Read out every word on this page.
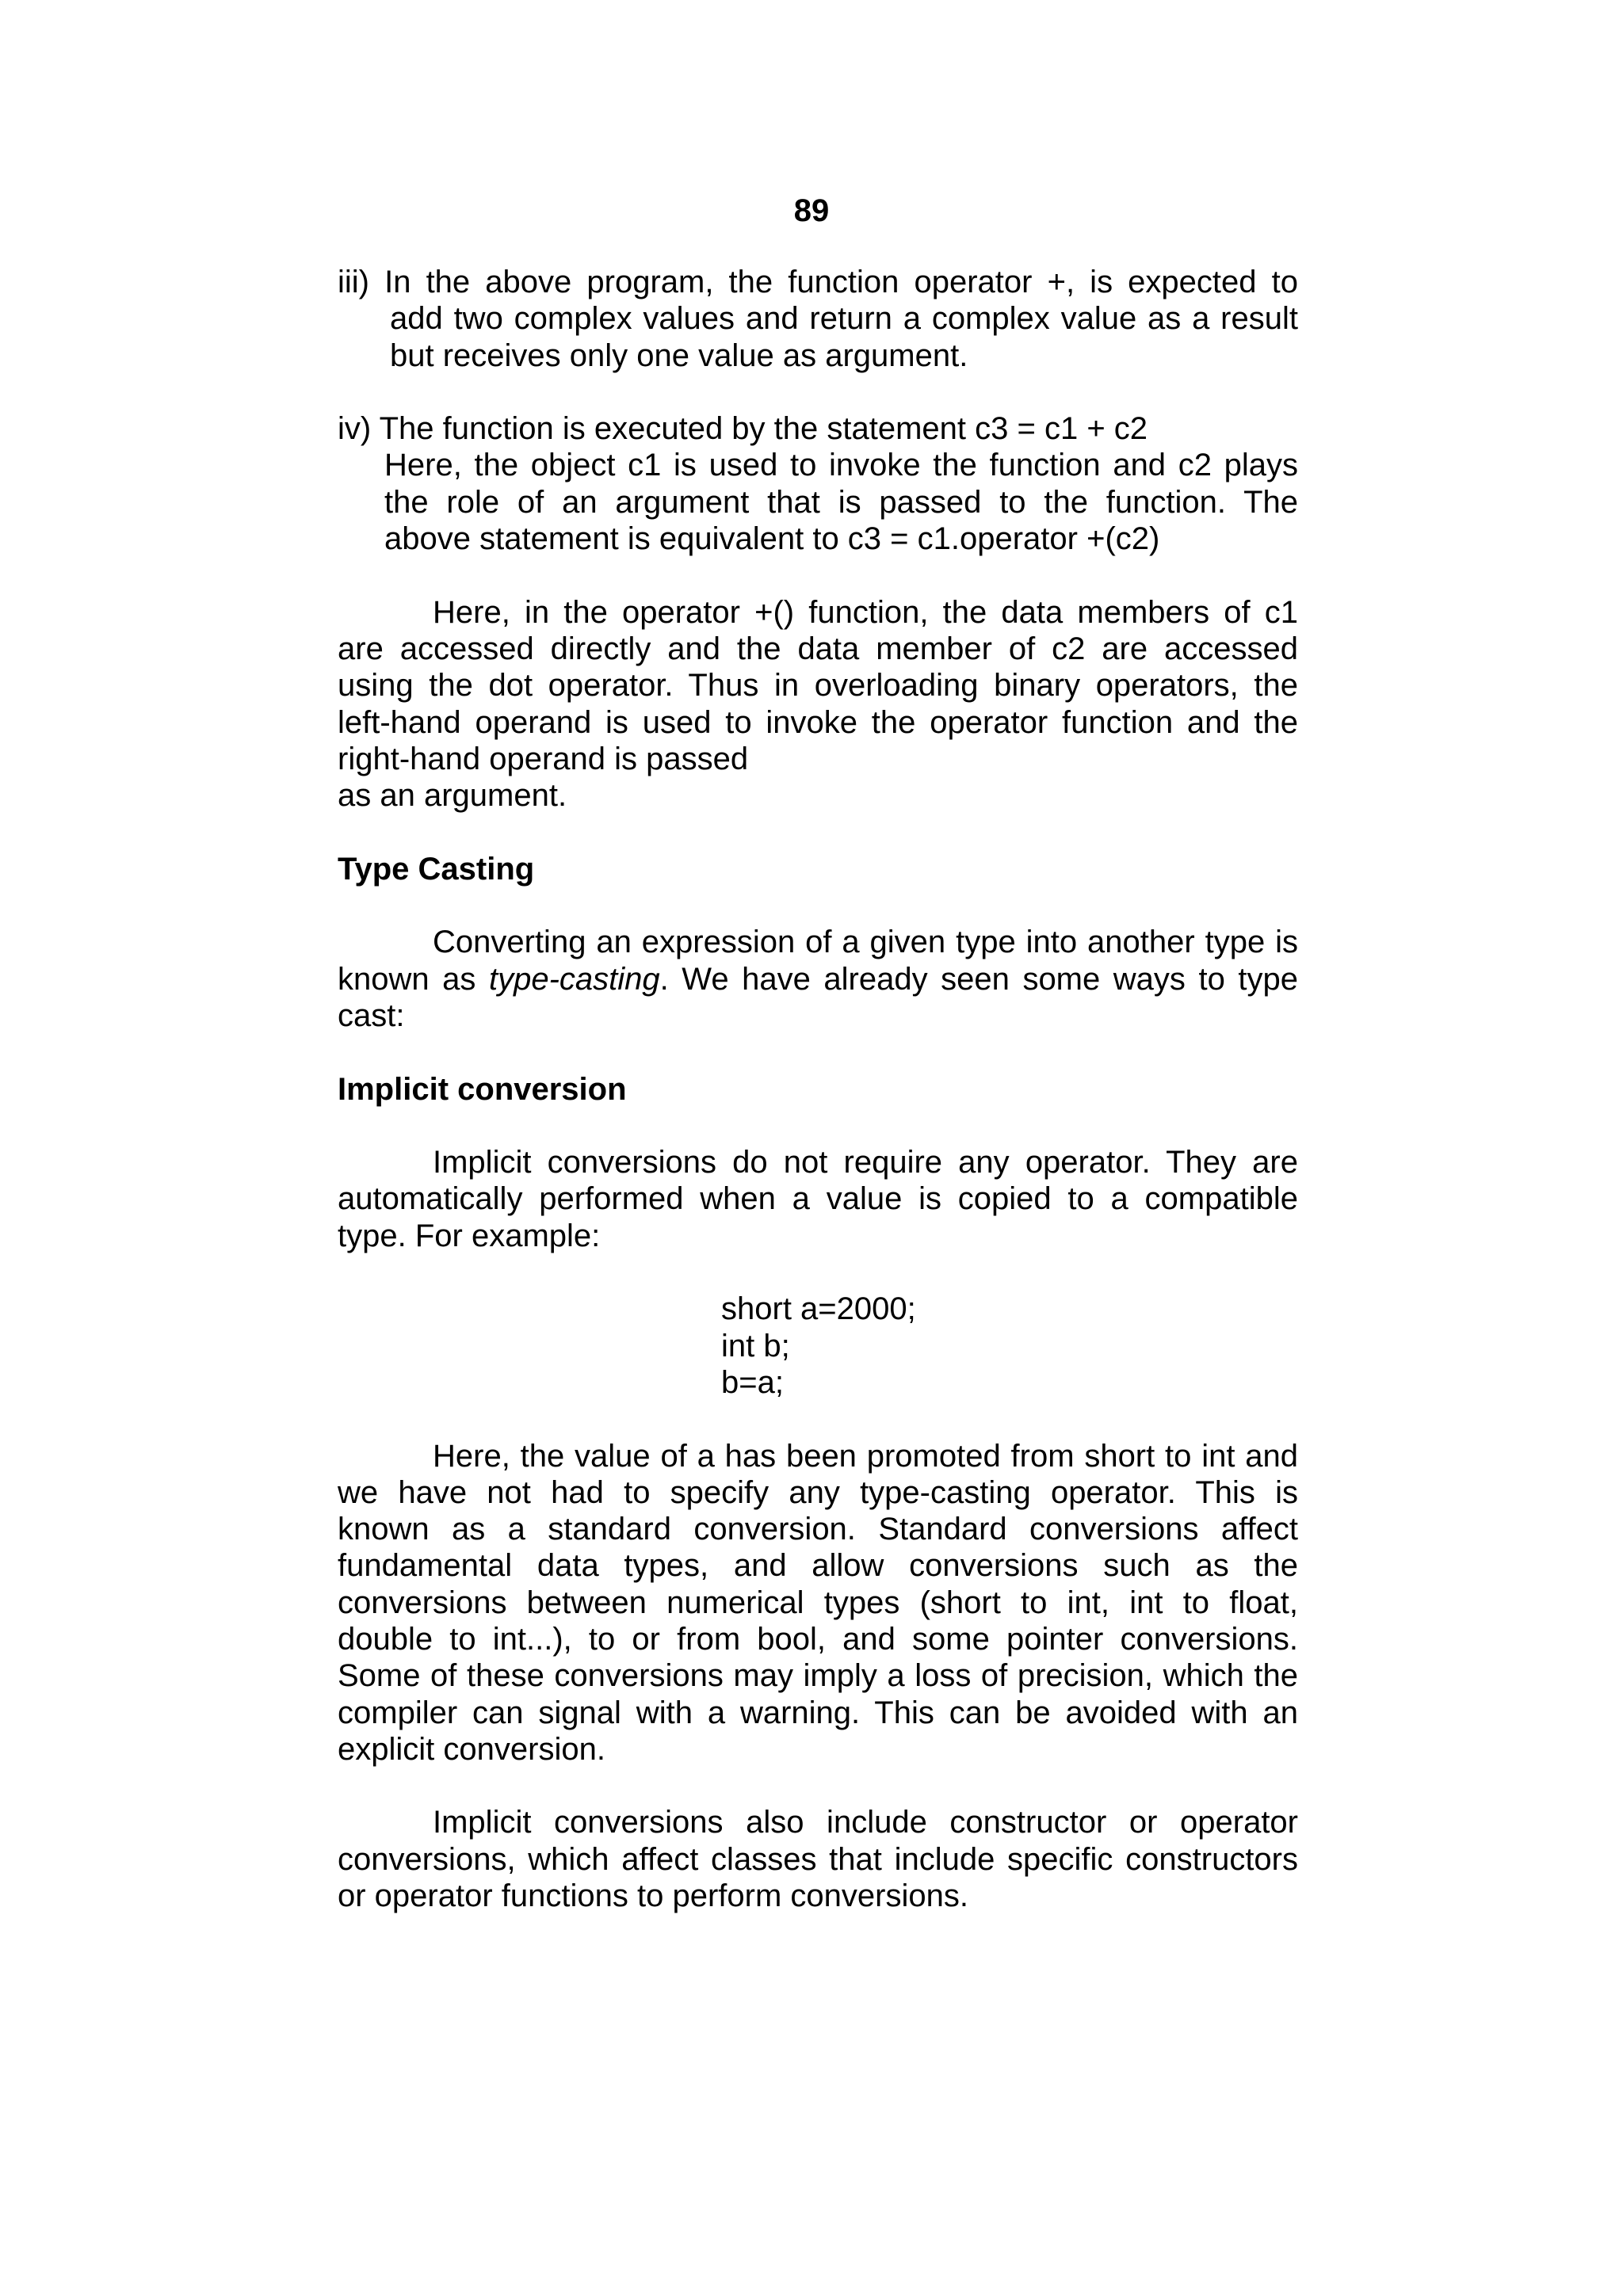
89
iii) In the above program, the function operator +, is expected to
add two complex values and return a complex value as a result
but receives only one value as argument.
iv) The function is executed by the statement c3 = c1 + c2
Here, the object c1 is used to invoke the function and c2 plays
the role of an argument that is passed to the function. The
above statement is equivalent to c3 = c1.operator +(c2)
Here, in the operator +() function, the data members of c1
are accessed directly and the data member of c2 are accessed
using the dot operator. Thus in overloading binary operators, the
left-hand operand is used to invoke the operator function and the
right-hand operand is passed
as an argument.
Type Casting
Converting an expression of a given type into another type is
known as type-casting. We have already seen some ways to type
cast:
Implicit conversion
Implicit conversions do not require any operator. They are
automatically performed when a value is copied to a compatible
type. For example:
short a=2000;
int b;
b=a;
Here, the value of a has been promoted from short to int and
we have not had to specify any type-casting operator. This is
known as a standard conversion. Standard conversions affect
fundamental data types, and allow conversions such as the
conversions between numerical types (short to int, int to float,
double to int...), to or from bool, and some pointer conversions.
Some of these conversions may imply a loss of precision, which the
compiler can signal with a warning. This can be avoided with an
explicit conversion.
Implicit conversions also include constructor or operator
conversions, which affect classes that include specific constructors
or operator functions to perform conversions.
